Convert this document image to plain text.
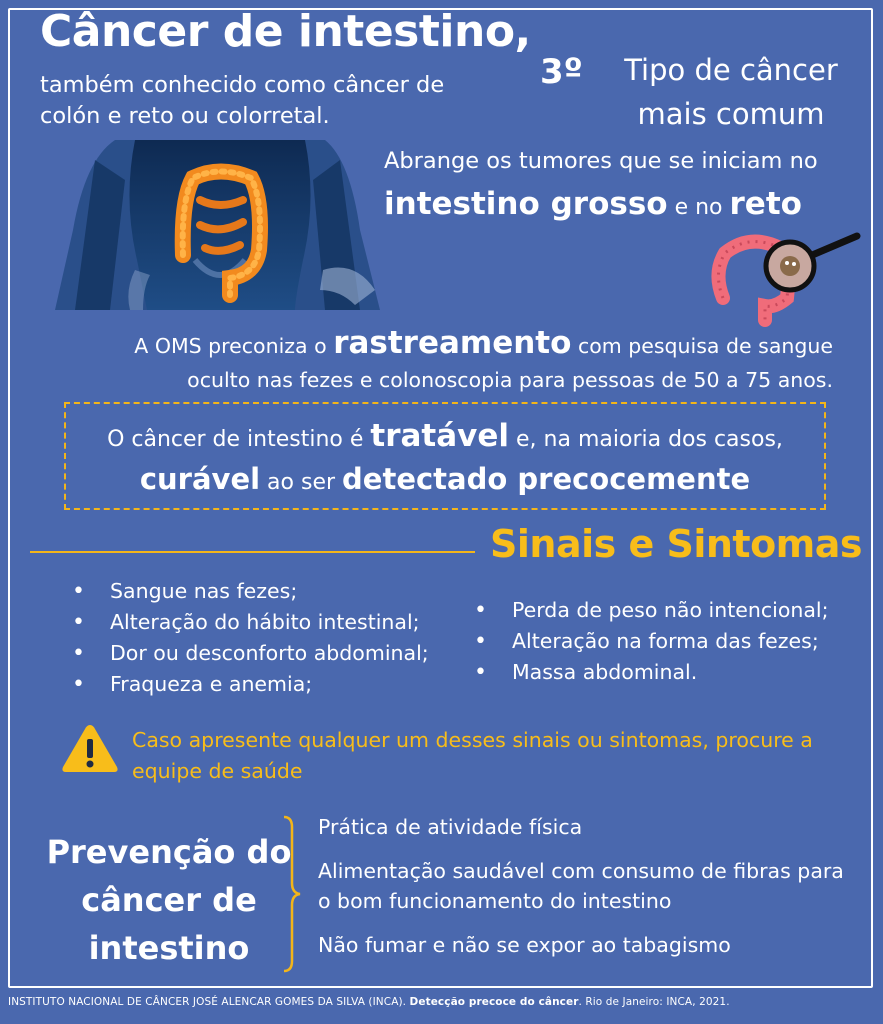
Câncer de intestino,
também conhecido como câncer de colón e reto ou colorretal.
3º	Tipo de câncer mais comum
Abrange os tumores que se iniciam no
intestino grosso e no reto
A OMS preconiza o rastreamento com pesquisa de sangue
oculto nas fezes e colonoscopia para pessoas de 50 a 75 anos.
O câncer de intestino é tratável e, na maioria dos casos,
curável ao ser detectado precocemente
Sinais e Sintomas
• Sangue nas fezes;
• Alteração do hábito intestinal;
• Dor ou desconforto abdominal;
• Fraqueza e anemia;
• Perda de peso não intencional;
• Alteração na forma das fezes;
• Massa abdominal.
Caso apresente qualquer um desses sinais ou sintomas, procure a equipe de saúde
Prevenção do câncer de intestino
Prática de atividade física
Alimentação saudável com consumo de fibras para o bom funcionamento do intestino
Não fumar e não se expor ao tabagismo
INSTITUTO NACIONAL DE CÂNCER JOSÉ ALENCAR GOMES DA SILVA (INCA). Detecção precoce do câncer. Rio de Janeiro: INCA, 2021.
